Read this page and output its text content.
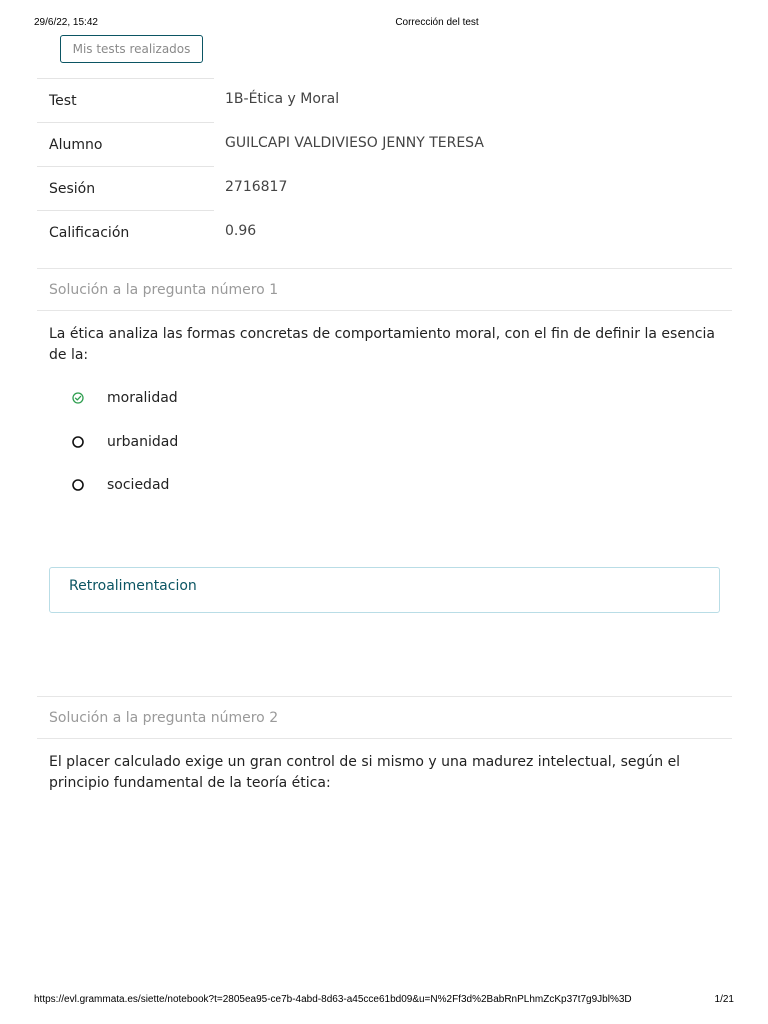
29/6/22, 15:42	Corrección del test
Mis tests realizados
Test	1B-Ética y Moral
Alumno	GUILCAPI VALDIVIESO JENNY TERESA
Sesión	2716817
Calificación	0.96
Solución a la pregunta número 1
La ética analiza las formas concretas de comportamiento moral, con el fin de definir la esencia de la:
moralidad
urbanidad
sociedad
Retroalimentacion
Solución a la pregunta número 2
El placer calculado exige un gran control de si mismo y una madurez intelectual, según el principio fundamental de la teoría ética:
https://evl.grammata.es/siette/notebook?t=2805ea95-ce7b-4abd-8d63-a45cce61bd09&u=N%2Ff3d%2BabRnPLhmZcKp37t7g9Jbl%3D	1/21
